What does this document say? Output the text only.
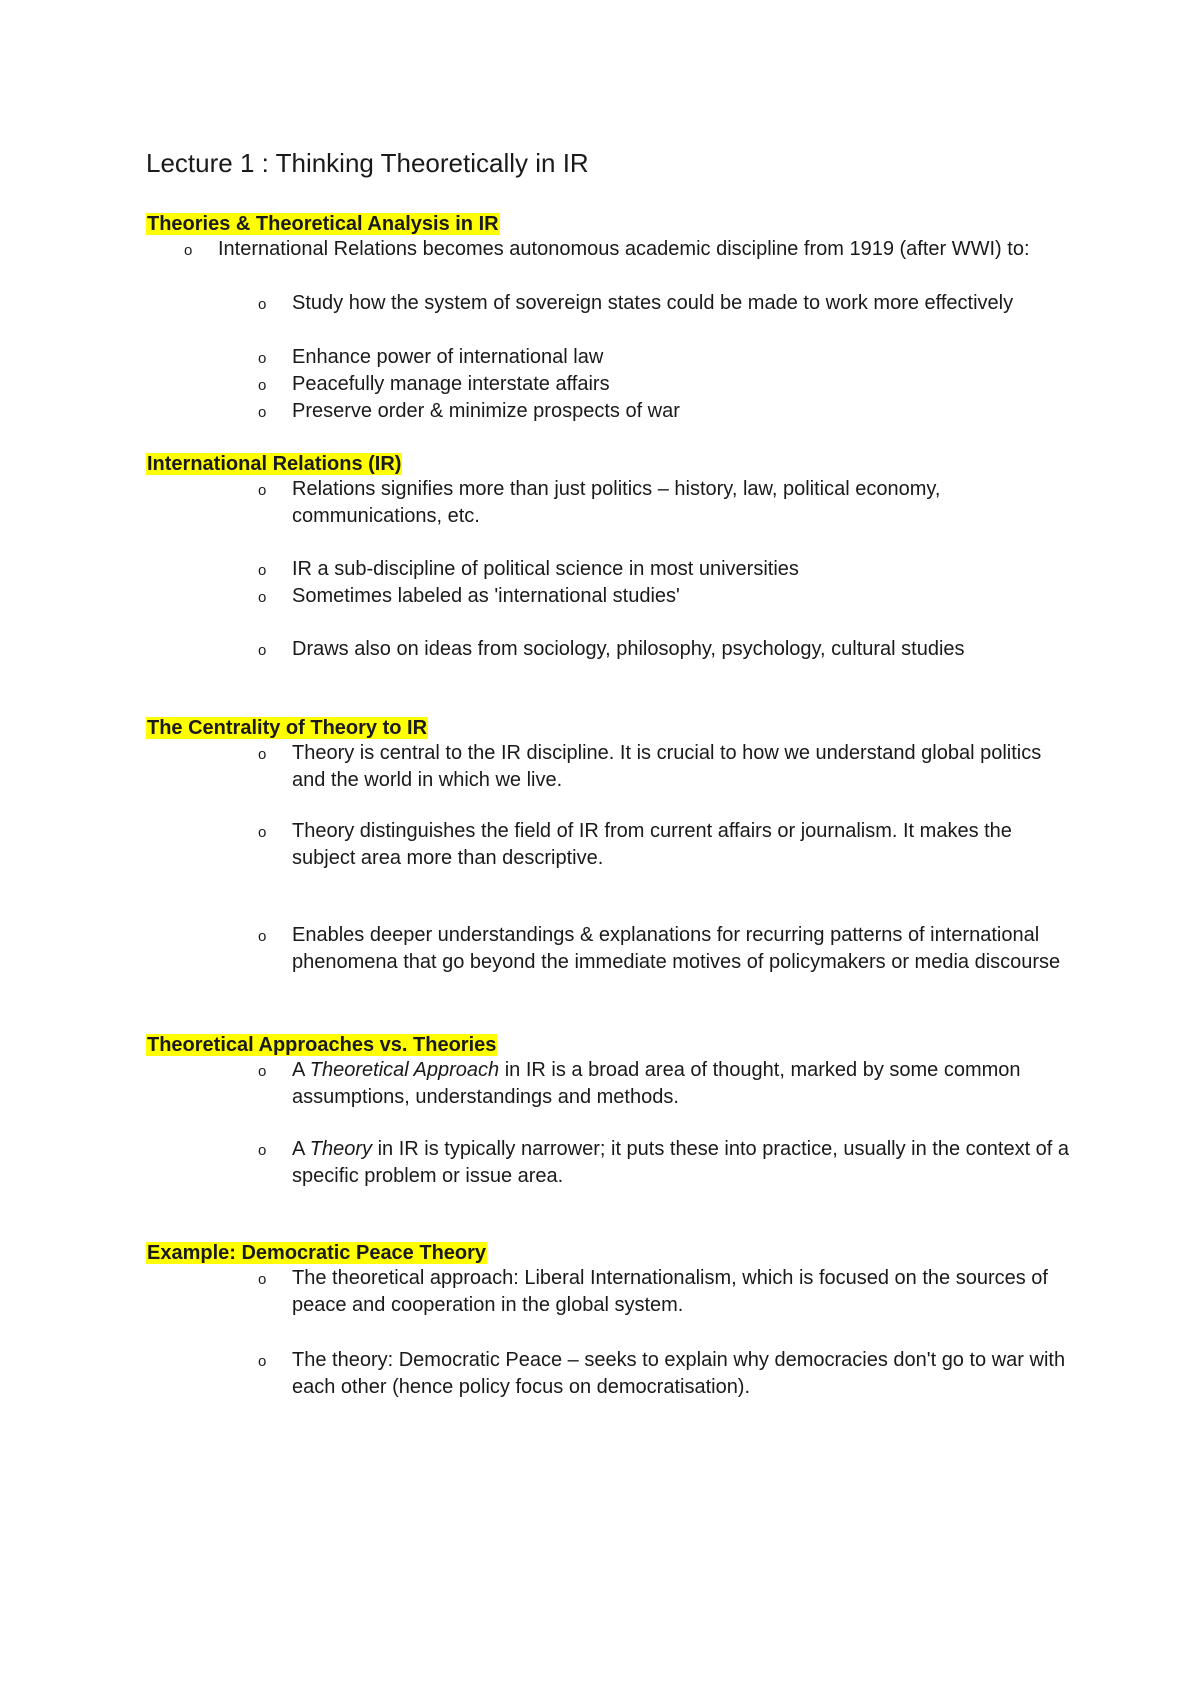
Lecture 1 : Thinking Theoretically in IR
Theories & Theoretical Analysis in IR
o International Relations becomes autonomous academic discipline from 1919 (after WWI) to:
o Study how the system of sovereign states could be made to work more effectively
o Enhance power of international law
o Peacefully manage interstate affairs
o Preserve order & minimize prospects of war
International Relations (IR)
o Relations signifies more than just politics – history, law, political economy, communications, etc.
o IR a sub-discipline of political science in most universities
o Sometimes labeled as 'international studies'
o Draws also on ideas from sociology, philosophy, psychology, cultural studies
The Centrality of Theory to IR
o Theory is central to the IR discipline. It is crucial to how we understand global politics and the world in which we live.
o Theory distinguishes the field of IR from current affairs or journalism. It makes the subject area more than descriptive.
o Enables deeper understandings & explanations for recurring patterns of international phenomena that go beyond the immediate motives of policymakers or media discourse
Theoretical Approaches vs. Theories
o A Theoretical Approach in IR is a broad area of thought, marked by some common assumptions, understandings and methods.
o A Theory in IR is typically narrower; it puts these into practice, usually in the context of a specific problem or issue area.
Example: Democratic Peace Theory
o The theoretical approach: Liberal Internationalism, which is focused on the sources of peace and cooperation in the global system.
o The theory: Democratic Peace – seeks to explain why democracies don't go to war with each other (hence policy focus on democratisation).
